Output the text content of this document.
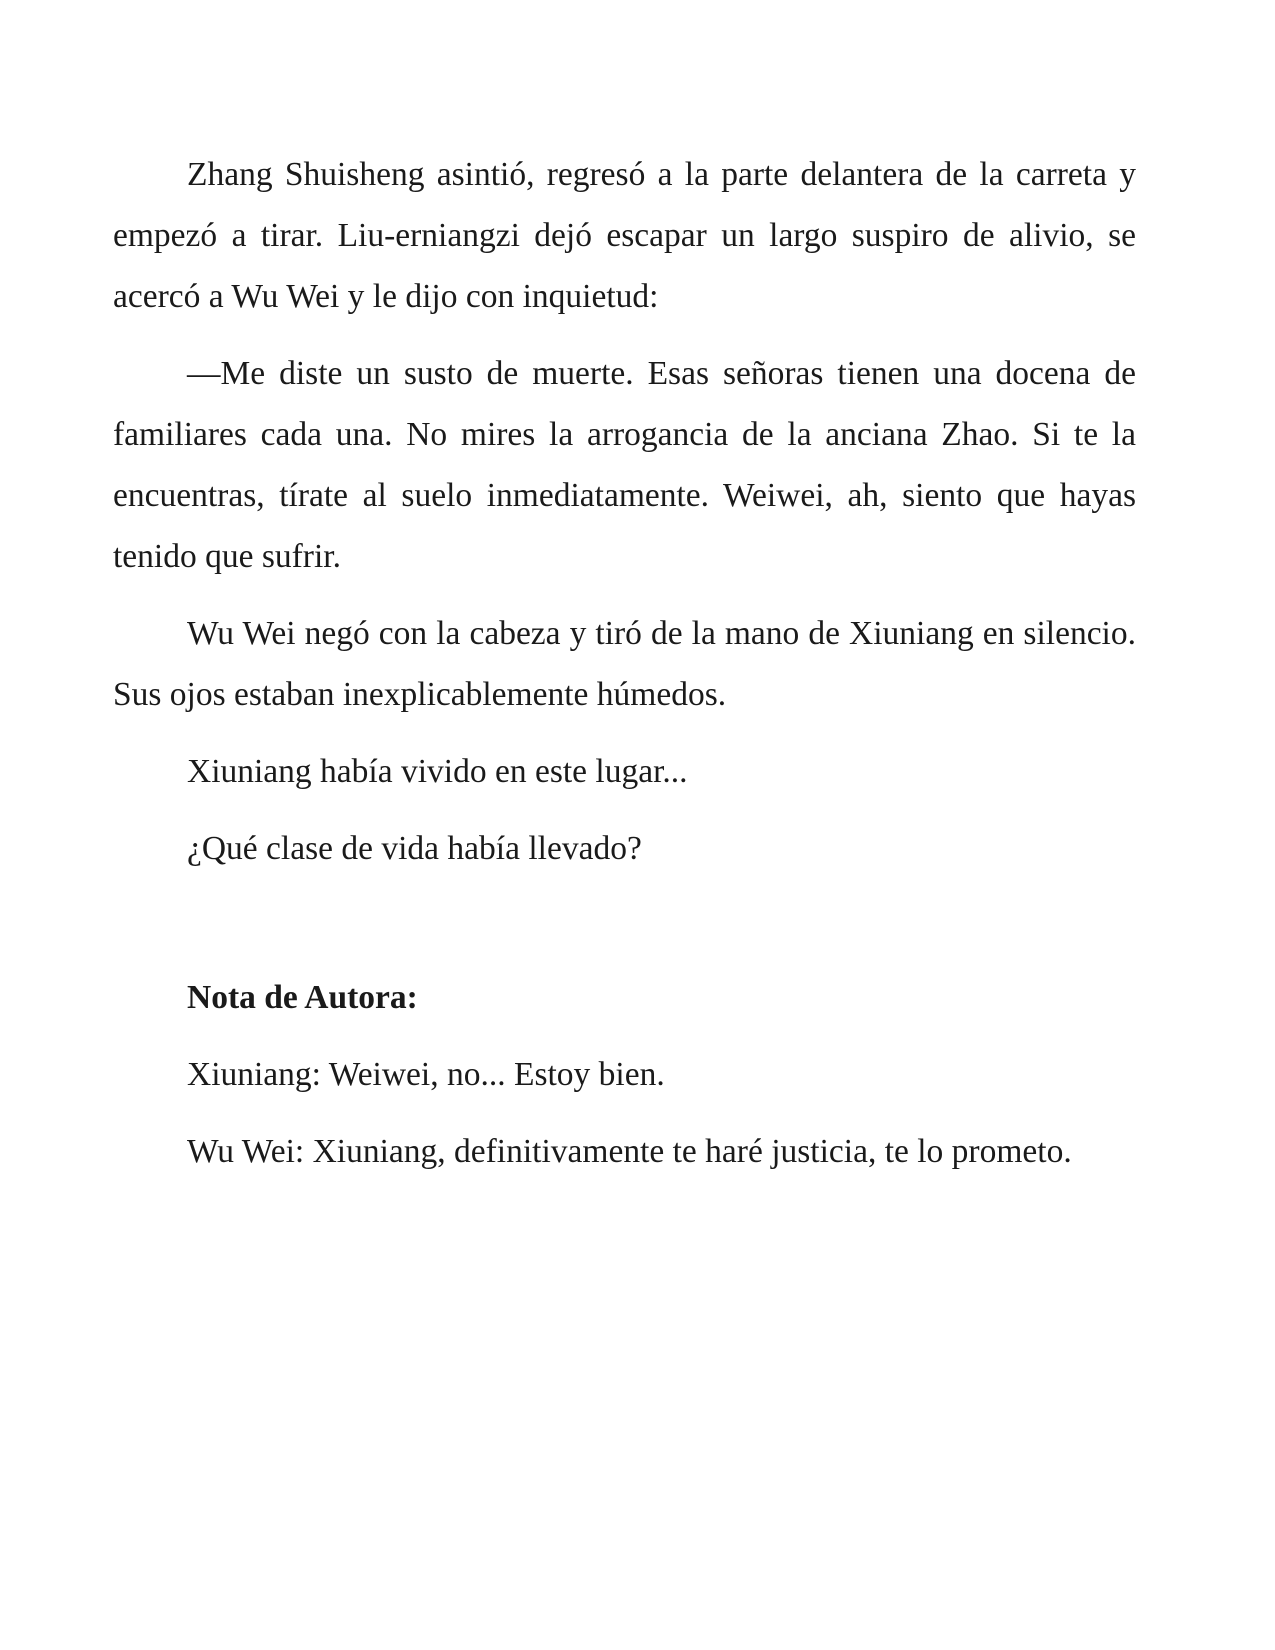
Zhang Shuisheng asintió, regresó a la parte delantera de la carreta y empezó a tirar. Liu-erniangzi dejó escapar un largo suspiro de alivio, se acercó a Wu Wei y le dijo con inquietud:

—Me diste un susto de muerte. Esas señoras tienen una docena de familiares cada una. No mires la arrogancia de la anciana Zhao. Si te la encuentras, tírate al suelo inmediatamente. Weiwei, ah, siento que hayas tenido que sufrir.

Wu Wei negó con la cabeza y tiró de la mano de Xiuniang en silencio. Sus ojos estaban inexplicablemente húmedos.

Xiuniang había vivido en este lugar...

¿Qué clase de vida había llevado?

Nota de Autora:

Xiuniang: Weiwei, no... Estoy bien.

Wu Wei: Xiuniang, definitivamente te haré justicia, te lo prometo.
